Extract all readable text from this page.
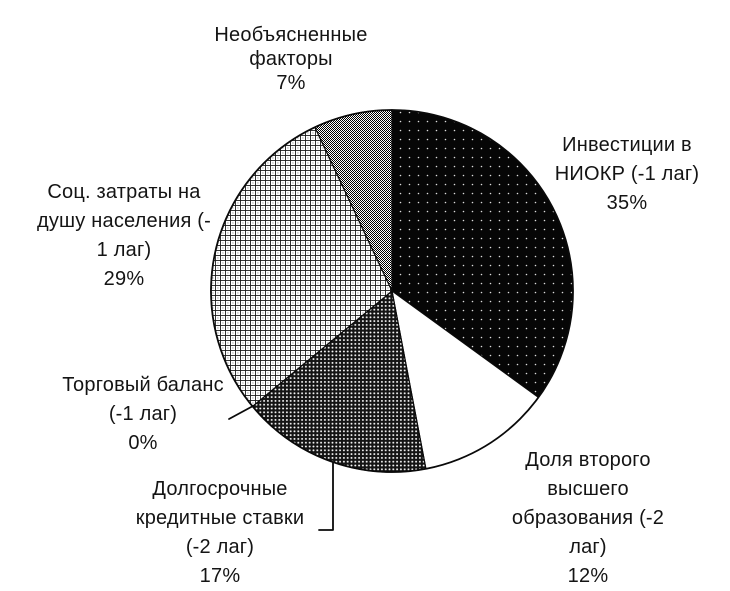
Необъясненные
факторы
7%
Инвестиции в
НИОКР (-1 лаг)
35%
Соц. затраты на
душу населения (-
1 лаг)
29%
Торговый баланс
(-1 лаг)
0%
Долгосрочные
кредитные ставки
(-2 лаг)
17%
Доля второго
высшего
образования (-2
лаг)
12%
